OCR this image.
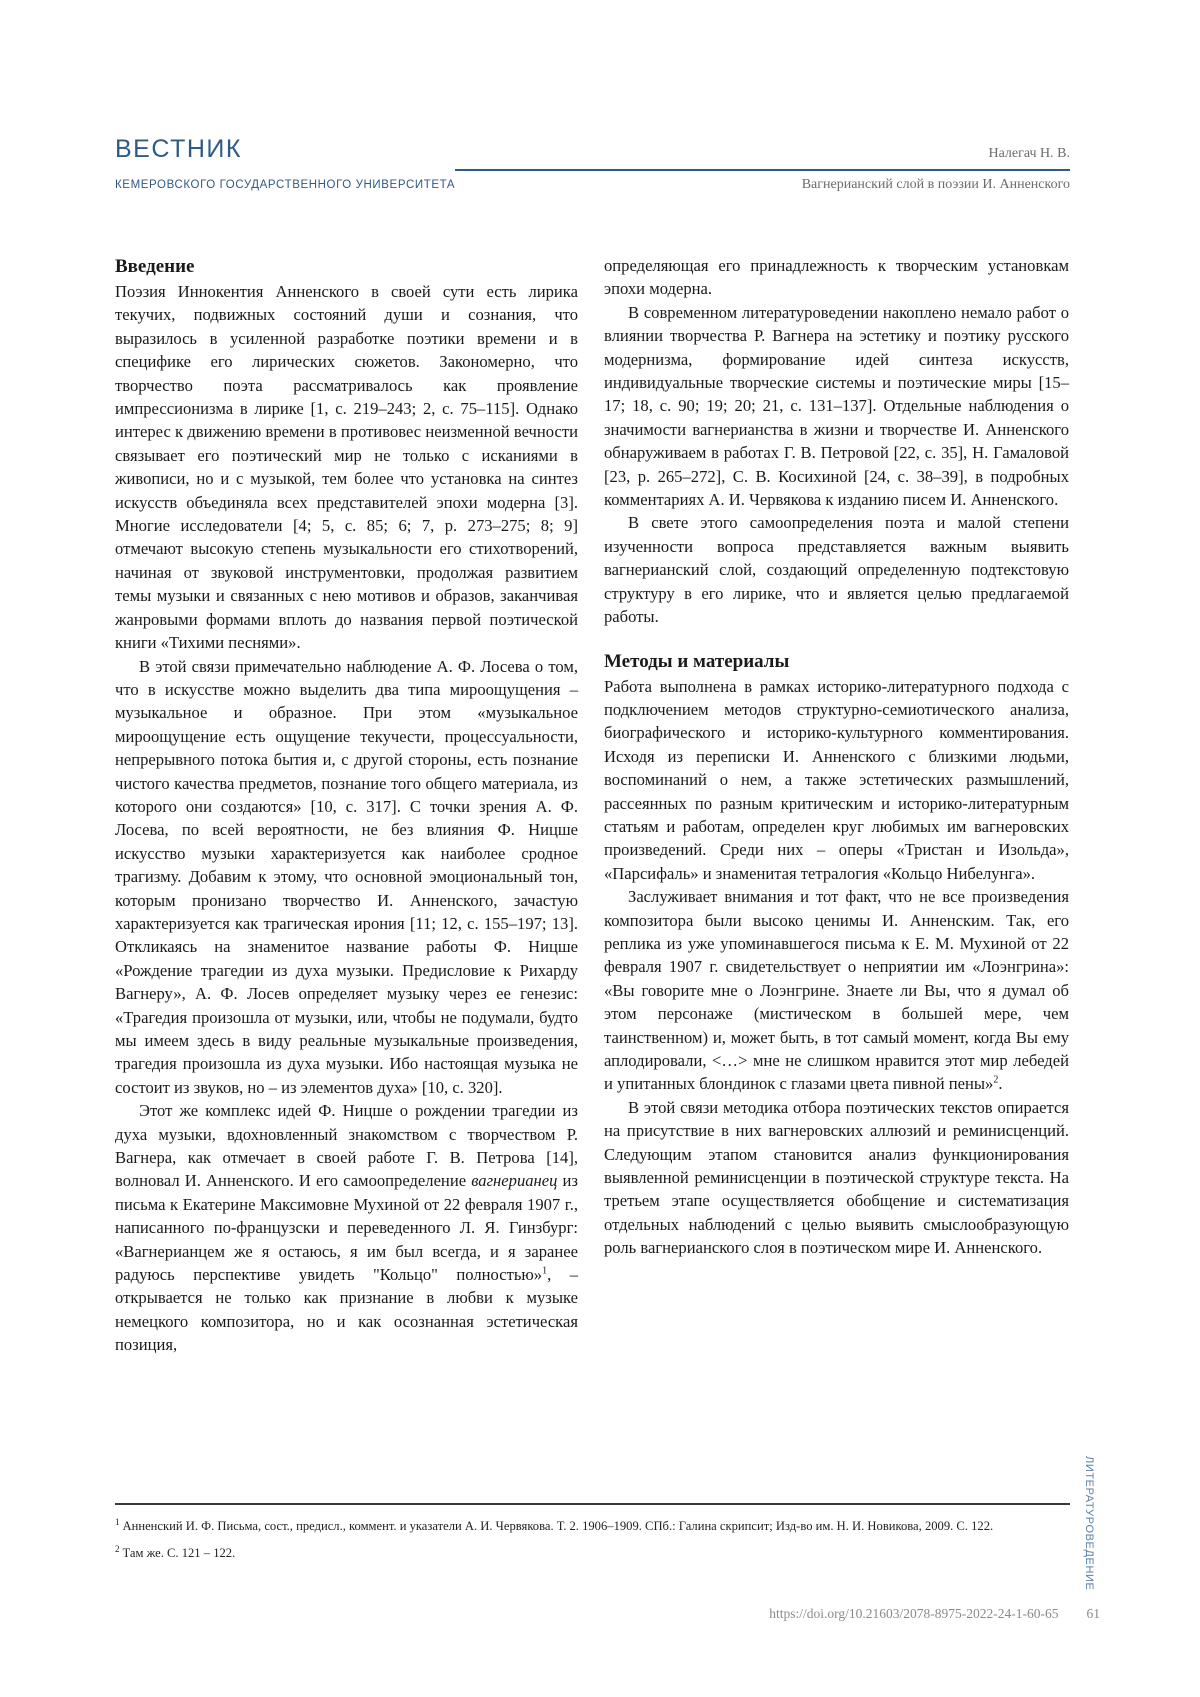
ВЕСТНИК
КЕМЕРОВСКОГО ГОСУДАРСТВЕННОГО УНИВЕРСИТЕТА
Налегач Н. В.
Вагнерианский слой в поэзии И. Анненского
Введение

Поэзия Иннокентия Анненского в своей сути есть лирика текучих, подвижных состояний души и сознания, что выразилось в усиленной разработке поэтики времени и в специфике его лирических сюжетов. Закономерно, что творчество поэта рассматривалось как проявление импрессионизма в лирике [1, с. 219–243; 2, с. 75–115]. Однако интерес к движению времени в противовес неизменной вечности связывает его поэтический мир не только с исканиями в живописи, но и с музыкой, тем более что установка на синтез искусств объединяла всех представителей эпохи модерна [3]. Многие исследователи [4; 5, с. 85; 6; 7, р. 273–275; 8; 9] отмечают высокую степень музыкальности его стихотворений, начиная от звуковой инструментовки, продолжая развитием темы музыки и связанных с нею мотивов и образов, заканчивая жанровыми формами вплоть до названия первой поэтической книги «Тихими песнями».

В этой связи примечательно наблюдение А. Ф. Лосева о том, что в искусстве можно выделить два типа мироощущения – музыкальное и образное. При этом «музыкальное мироощущение есть ощущение текучести, процессуальности, непрерывного потока бытия и, с другой стороны, есть познание чистого качества предметов, познание того общего материала, из которого они создаются» [10, с. 317]. С точки зрения А. Ф. Лосева, по всей вероятности, не без влияния Ф. Ницше искусство музыки характеризуется как наиболее сродное трагизму. Добавим к этому, что основной эмоциональный тон, которым пронизано творчество И. Анненского, зачастую характеризуется как трагическая ирония [11; 12, с. 155–197; 13]. Откликаясь на знаменитое название работы Ф. Ницше «Рождение трагедии из духа музыки. Предисловие к Рихарду Вагнеру», А. Ф. Лосев определяет музыку через ее генезис: «Трагедия произошла от музыки, или, чтобы не подумали, будто мы имеем здесь в виду реальные музыкальные произведения, трагедия произошла из духа музыки. Ибо настоящая музыка не состоит из звуков, но – из элементов духа» [10, с. 320].

Этот же комплекс идей Ф. Ницше о рождении трагедии из духа музыки, вдохновленный знакомством с творчеством Р. Вагнера, как отмечает в своей работе Г. В. Петрова [14], волновал И. Анненского. И его самоопределение вагнерианец из письма к Екатерине Максимовне Мухиной от 22 февраля 1907 г., написанного по-французски и переведенного Л. Я. Гинзбург: «Вагнерианцем же я остаюсь, я им был всегда, и я заранее радуюсь перспективе увидеть "Кольцо" полностью»$^1$, – открывается не только как признание в любви к музыке немецкого композитора, но и как осознанная эстетическая позиция,

определяющая его принадлежность к творческим установкам эпохи модерна.

В современном литературоведении накоплено немало работ о влиянии творчества Р. Вагнера на эстетику и поэтику русского модернизма, формирование идей синтеза искусств, индивидуальные творческие системы и поэтические миры [15–17; 18, с. 90; 19; 20; 21, с. 131–137]. Отдельные наблюдения о значимости вагнерианства в жизни и творчестве И. Анненского обнаруживаем в работах Г. В. Петровой [22, с. 35], Н. Гамаловой [23, р. 265–272], С. В. Косихиной [24, с. 38–39], в подробных комментариях А. И. Червякова к изданию писем И. Анненского.

В свете этого самоопределения поэта и малой степени изученности вопроса представляется важным выявить вагнерианский слой, создающий определенную подтекстовую структуру в его лирике, что и является целью предлагаемой работы.

Методы и материалы

Работа выполнена в рамках историко-литературного подхода с подключением методов структурно-семиотического анализа, биографического и историко-культурного комментирования. Исходя из переписки И. Анненского с близкими людьми, воспоминаний о нем, а также эстетических размышлений, рассеянных по разным критическим и историко-литературным статьям и работам, определен круг любимых им вагнеровских произведений. Среди них – оперы «Тристан и Изольда», «Парсифаль» и знаменитая тетралогия «Кольцо Нибелунга».

Заслуживает внимания и тот факт, что не все произведения композитора были высоко ценимы И. Анненским. Так, его реплика из уже упоминавшегося письма к Е. М. Мухиной от 22 февраля 1907 г. свидетельствует о неприятии им «Лоэнгрина»: «Вы говорите мне о Лоэнгрине. Знаете ли Вы, что я думал об этом персонаже (мистическом в большей мере, чем таинственном) и, может быть, в тот самый момент, когда Вы ему аплодировали, <…> мне не слишком нравится этот мир лебедей и упитанных блондинок с глазами цвета пивной пены»$^2$.

В этой связи методика отбора поэтических текстов опирается на присутствие в них вагнеровских аллюзий и реминисценций. Следующим этапом становится анализ функционирования выявленной реминисценции в поэтической структуре текста. На третьем этапе осуществляется обобщение и систематизация отдельных наблюдений с целью выявить смыслообразующую роль вагнерианского слоя в поэтическом мире И. Анненского.

ЛИТЕРАТУРОВЕДЕНИЕ

$^1$ Анненский И. Ф. Письма, сост., предисл., коммент. и указатели А. И. Червякова. Т. 2. 1906–1909. СПб.: Галина скрипсит; Изд-во им. Н. И. Новикова, 2009. С. 122.

$^2$ Там же. С. 121 – 122.

https://doi.org/10.21603/2078-8975-2022-24-1-60-65 61
